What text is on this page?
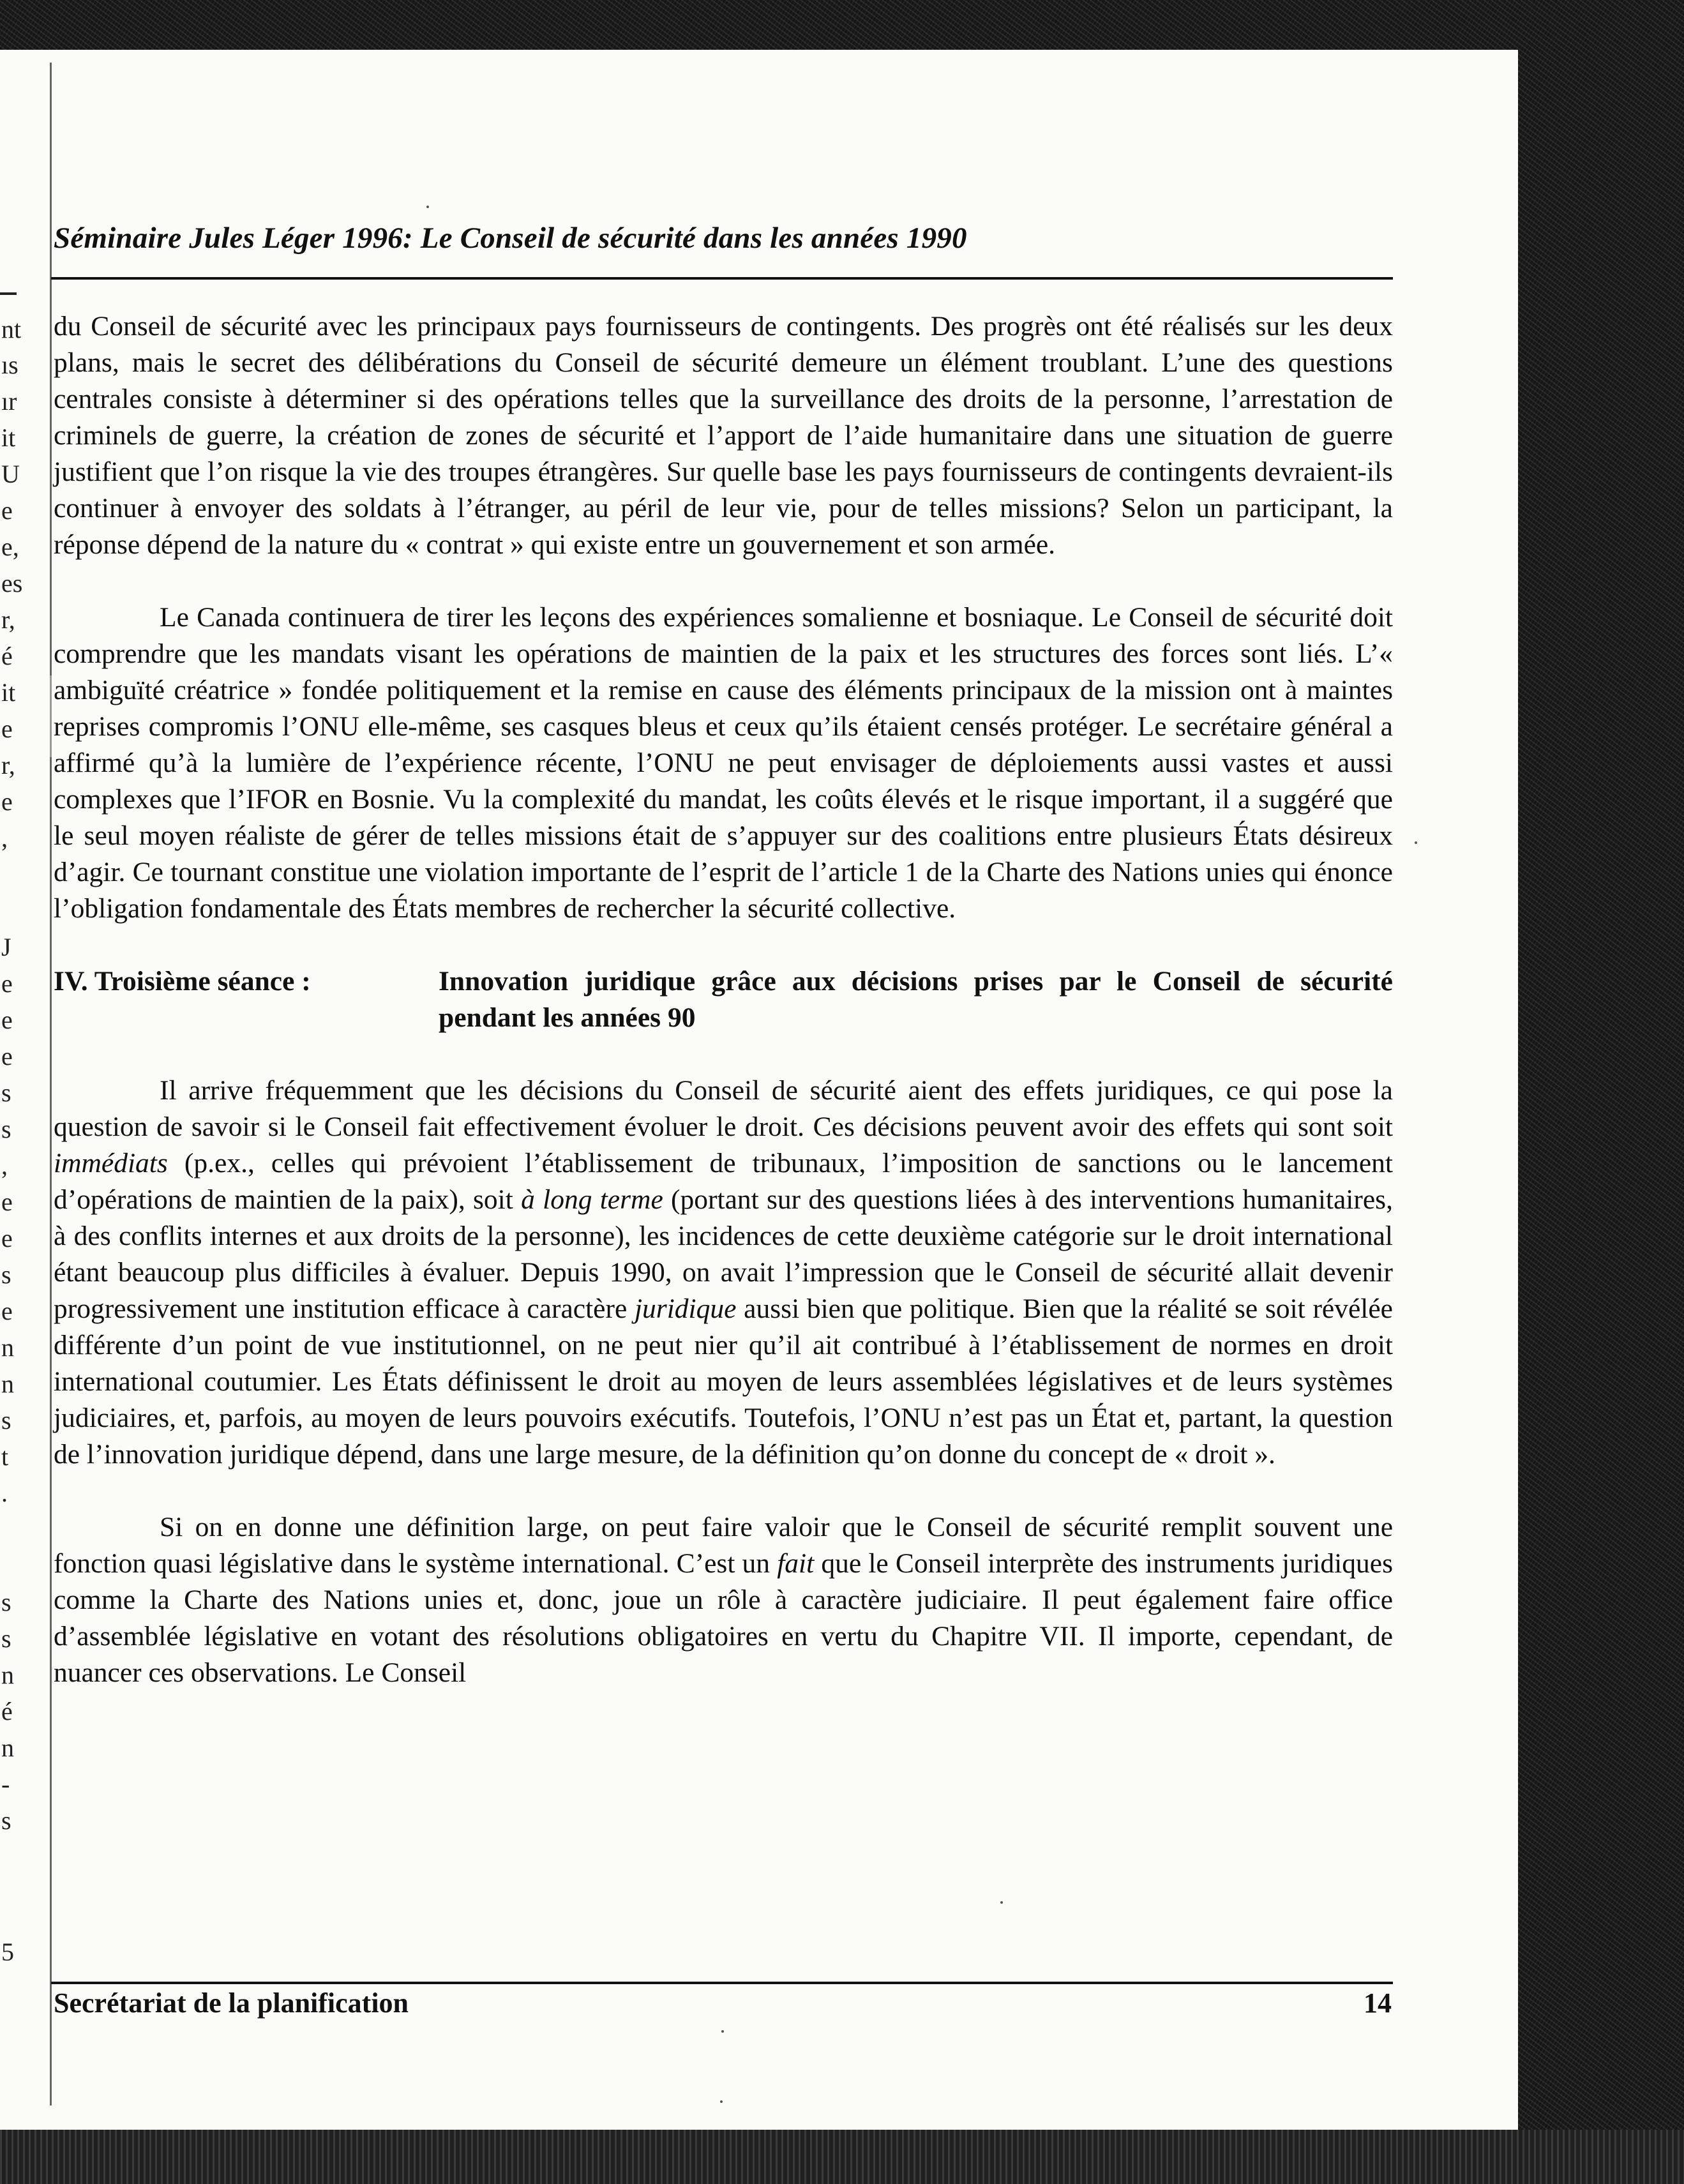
nt
ıs
ır
it
U
e
e,
es
r,
é
it
e
r,
e
,
J
e
e
e
s
s
,
e
e
s
e
n
n
s
t
.
s
s
n
é
n
-
s
5
Séminaire Jules Léger 1996: Le Conseil de sécurité dans les années 1990

du Conseil de sécurité avec les principaux pays fournisseurs de contingents. Des progrès ont été réalisés sur les deux plans, mais le secret des délibérations du Conseil de sécurité demeure un élément troublant. L’une des questions centrales consiste à déterminer si des opérations telles que la surveillance des droits de la personne, l’arrestation de criminels de guerre, la création de zones de sécurité et l’apport de l’aide humanitaire dans une situation de guerre justifient que l’on risque la vie des troupes étrangères. Sur quelle base les pays fournisseurs de contingents devraient-ils continuer à envoyer des soldats à l’étranger, au péril de leur vie, pour de telles missions? Selon un participant, la réponse dépend de la nature du « contrat » qui existe entre un gouvernement et son armée.

Le Canada continuera de tirer les leçons des expériences somalienne et bosniaque. Le Conseil de sécurité doit comprendre que les mandats visant les opérations de maintien de la paix et les structures des forces sont liés. L’« ambiguïté créatrice » fondée politiquement et la remise en cause des éléments principaux de la mission ont à maintes reprises compromis l’ONU elle-même, ses casques bleus et ceux qu’ils étaient censés protéger. Le secrétaire général a affirmé qu’à la lumière de l’expérience récente, l’ONU ne peut envisager de déploiements aussi vastes et aussi complexes que l’IFOR en Bosnie. Vu la complexité du mandat, les coûts élevés et le risque important, il a suggéré que le seul moyen réaliste de gérer de telles missions était de s’appuyer sur des coalitions entre plusieurs États désireux d’agir. Ce tournant constitue une violation importante de l’esprit de l’article 1 de la Charte des Nations unies qui énonce l’obligation fondamentale des États membres de rechercher la sécurité collective.

IV. Troisième séance :	Innovation juridique grâce aux décisions prises par le Conseil de sécurité pendant les années 90

Il arrive fréquemment que les décisions du Conseil de sécurité aient des effets juridiques, ce qui pose la question de savoir si le Conseil fait effectivement évoluer le droit. Ces décisions peuvent avoir des effets qui sont soit immédiats (p.ex., celles qui prévoient l’établissement de tribunaux, l’imposition de sanctions ou le lancement d’opérations de maintien de la paix), soit à long terme (portant sur des questions liées à des interventions humanitaires, à des conflits internes et aux droits de la personne), les incidences de cette deuxième catégorie sur le droit international étant beaucoup plus difficiles à évaluer. Depuis 1990, on avait l’impression que le Conseil de sécurité allait devenir progressivement une institution efficace à caractère juridique aussi bien que politique. Bien que la réalité se soit révélée différente d’un point de vue institutionnel, on ne peut nier qu’il ait contribué à l’établissement de normes en droit international coutumier. Les États définissent le droit au moyen de leurs assemblées législatives et de leurs systèmes judiciaires, et, parfois, au moyen de leurs pouvoirs exécutifs. Toutefois, l’ONU n’est pas un État et, partant, la question de l’innovation juridique dépend, dans une large mesure, de la définition qu’on donne du concept de « droit ».

Si on en donne une définition large, on peut faire valoir que le Conseil de sécurité remplit souvent une fonction quasi législative dans le système international. C’est un fait que le Conseil interprète des instruments juridiques comme la Charte des Nations unies et, donc, joue un rôle à caractère judiciaire. Il peut également faire office d’assemblée législative en votant des résolutions obligatoires en vertu du Chapitre VII. Il importe, cependant, de nuancer ces observations. Le Conseil

Secrétariat de la planification	14
